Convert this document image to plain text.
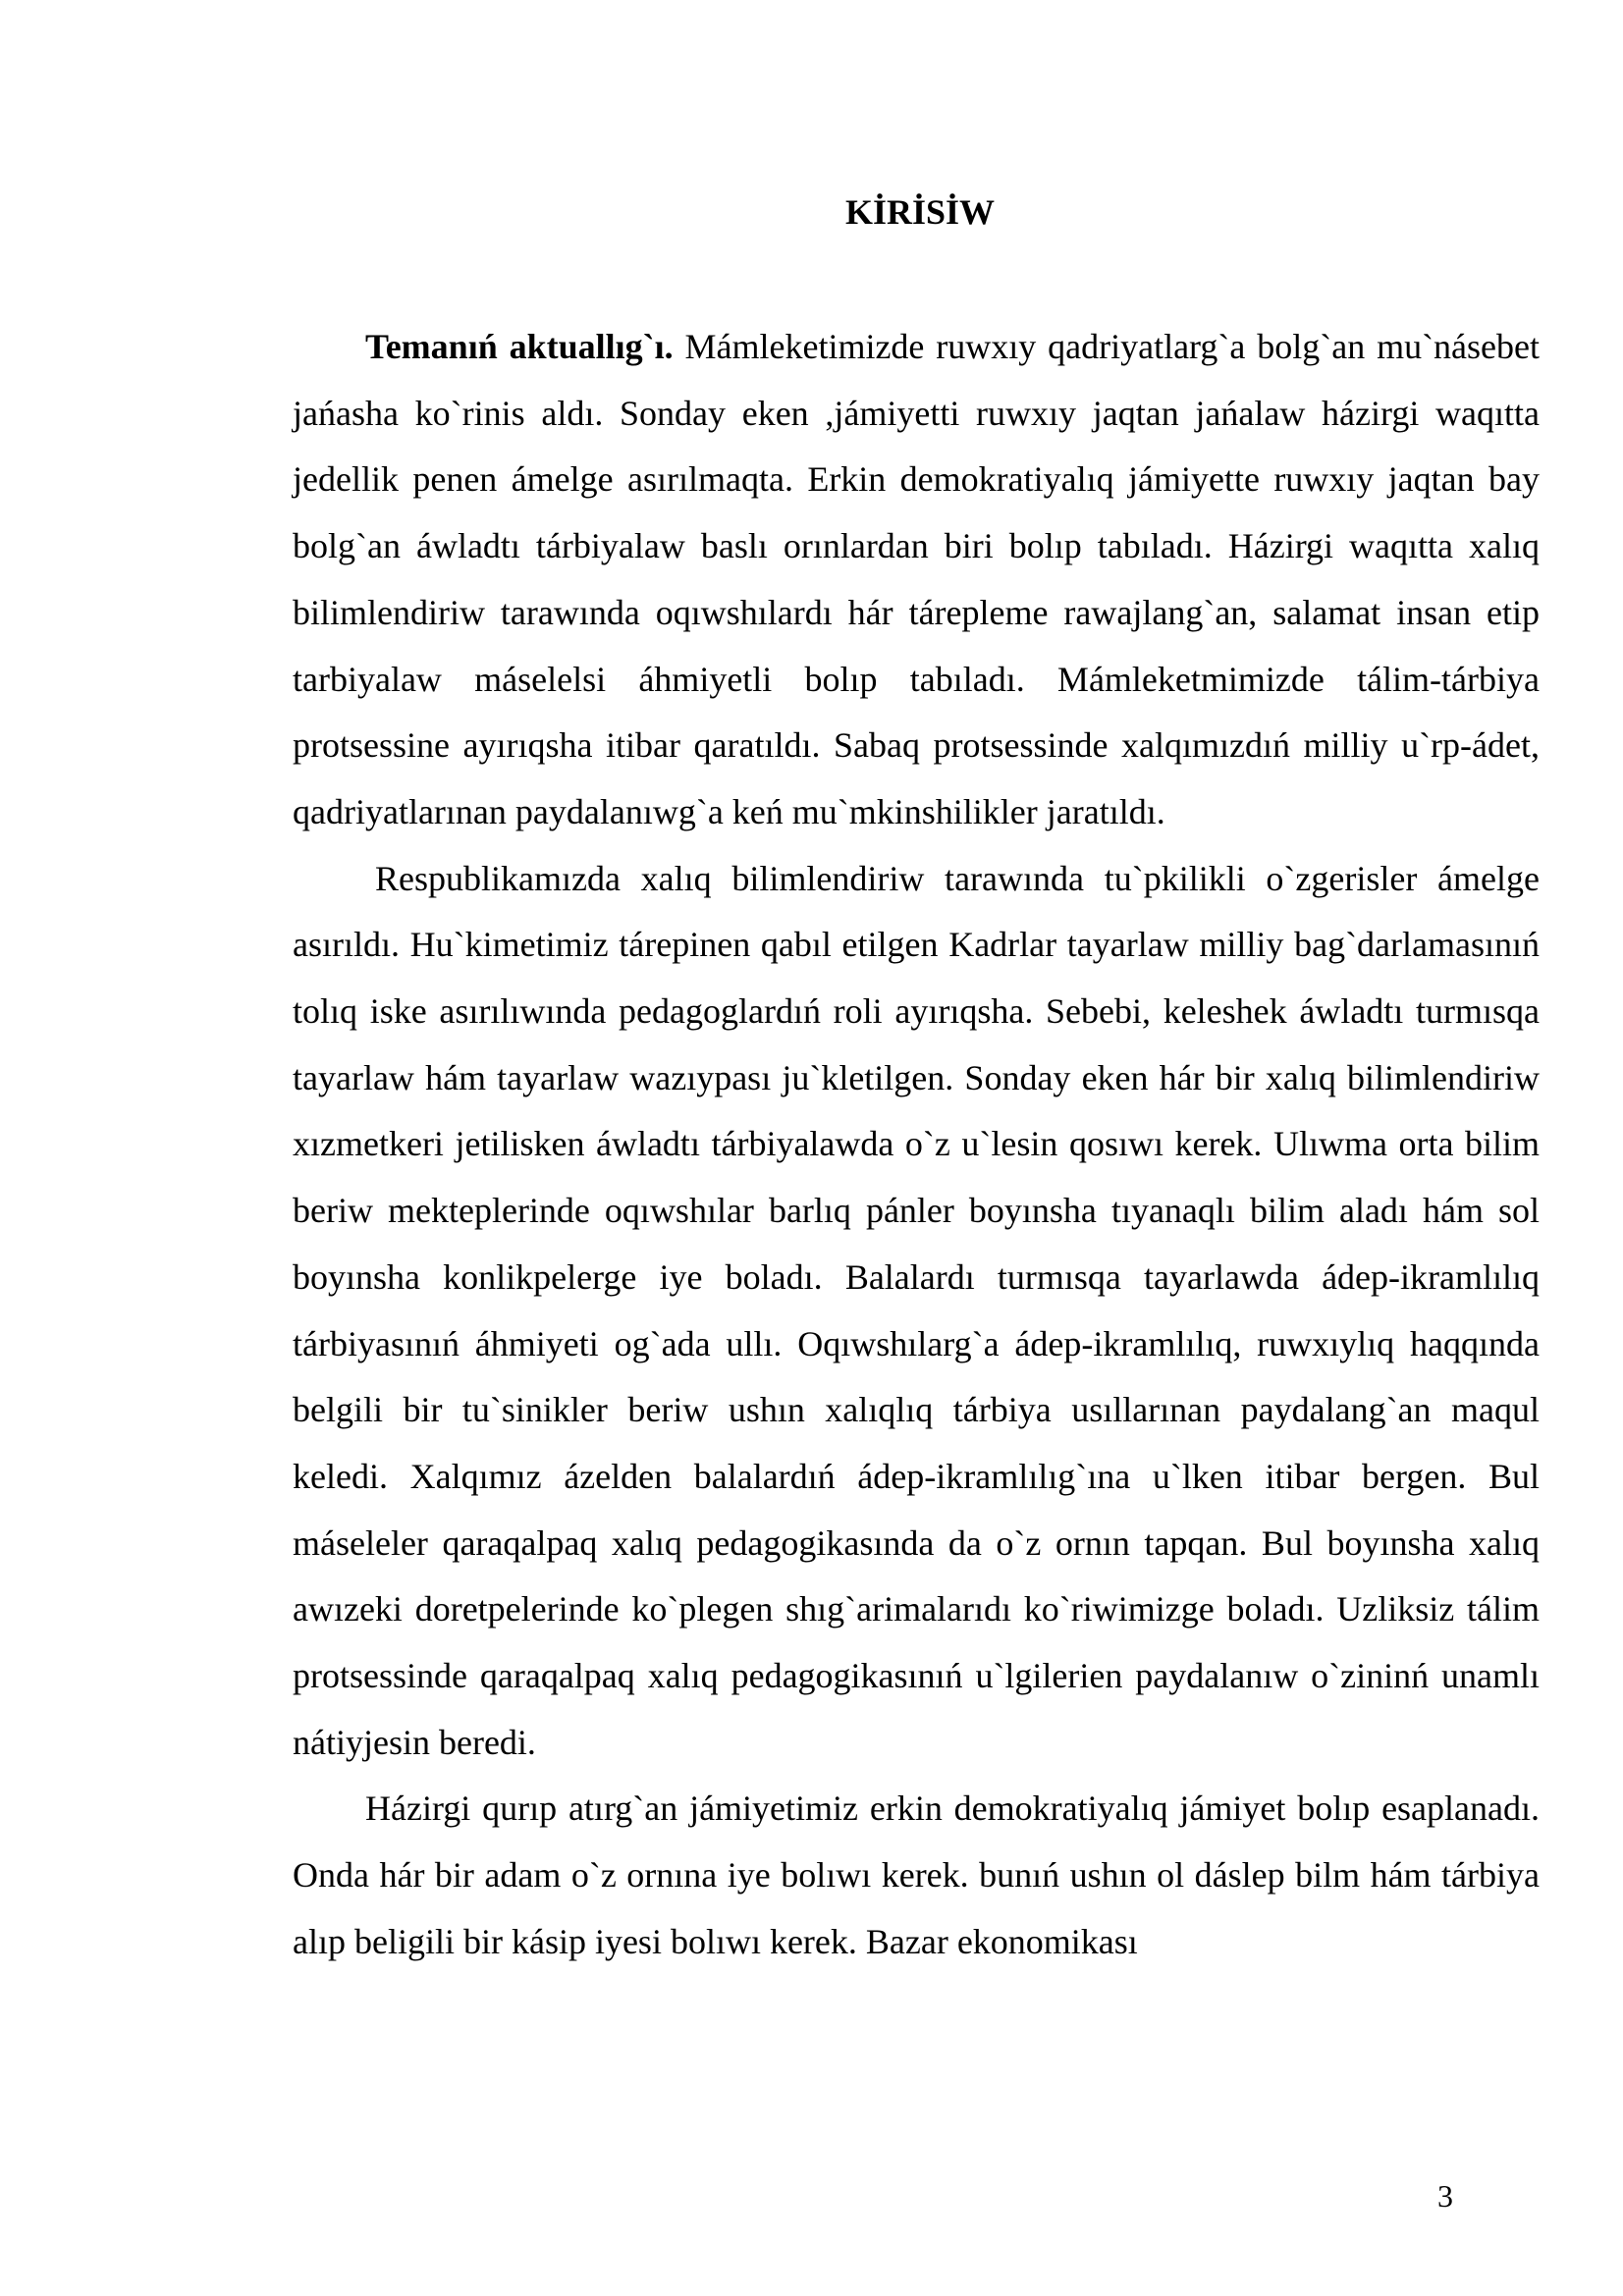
KİRİSİW

Temanıń aktuallıg`ı. Mámleketimizde ruwxıy qadriyatlarg`a bolg`an mu`násebet jańasha ko`rinis aldı. Sonday eken ,jámiyetti ruwxıy jaqtan jańalaw házirgi waqıtta jedellik penen ámelge asırılmaqta. Erkin demokratiyalıq jámiyette ruwxıy jaqtan bay bolg`an áwladtı tárbiyalaw baslı orınlardan biri bolıp tabıladı. Házirgi waqıtta xalıq bilimlendiriw tarawında oqıwshılardı hár tárepleme rawajlang`an, salamat insan etip tarbiyalaw máselelsi áhmiyetli bolıp tabıladı. Mámleketmimizde tálim-tárbiya protsessine ayırıqsha itibar qaratıldı. Sabaq protsessinde xalqımızdıń milliy u`rp-ádet, qadriyatlarınan paydalanıwg`a keń mu`mkinshilikler jaratıldı.

Respublikamızda xalıq bilimlendiriw tarawında tu`pkilikli o`zgerisler ámelge asırıldı. Hu`kimetimiz tárepinen qabıl etilgen Kadrlar tayarlaw milliy bag`darlamasınıń tolıq iske asırılıwında pedagoglardıń roli ayırıqsha. Sebebi, keleshek áwladtı turmısqa tayarlaw hám tayarlaw wazıypası ju`kletilgen. Sonday eken hár bir xalıq bilimlendiriw xızmetkeri jetilisken áwladtı tárbiyalawda o`z u`lesin qosıwı kerek. Ulıwma orta bilim beriw mekteplerinde oqıwshılar barlıq pánler boyınsha tıyanaqlı bilim aladı hám sol boyınsha konlikpelerge iye boladı. Balalardı turmısqa tayarlawda ádep-ikramlılıq tárbiyasınıń áhmiyeti og`ada ullı. Oqıwshılarg`a ádep-ikramlılıq, ruwxıylıq haqqında belgili bir tu`sinikler beriw ushın xalıqlıq tárbiya usıllarınan paydalang`an maqul keledi. Xalqımız ázelden balalardıń ádep-ikramlılıg`ına u`lken itibar bergen. Bul máseleler qaraqalpaq xalıq pedagogikasında da o`z ornın tapqan. Bul boyınsha xalıq awızeki doretpelerinde ko`plegen shıg`arimalarıdı ko`riwimizge boladı. Uzliksiz tálim protsessinde qaraqalpaq xalıq pedagogikasınıń u`lgilerien paydalanıw o`zininń unamlı nátiyjesin beredi.

Házirgi qurıp atırg`an jámiyetimiz erkin demokratiyalıq jámiyet bolıp esaplanadı. Onda hár bir adam o`z ornına iye bolıwı kerek. bunıń ushın ol dáslep bilm hám tárbiya alıp beligili bir kásip iyesi bolıwı kerek. Bazar ekonomikası

3
